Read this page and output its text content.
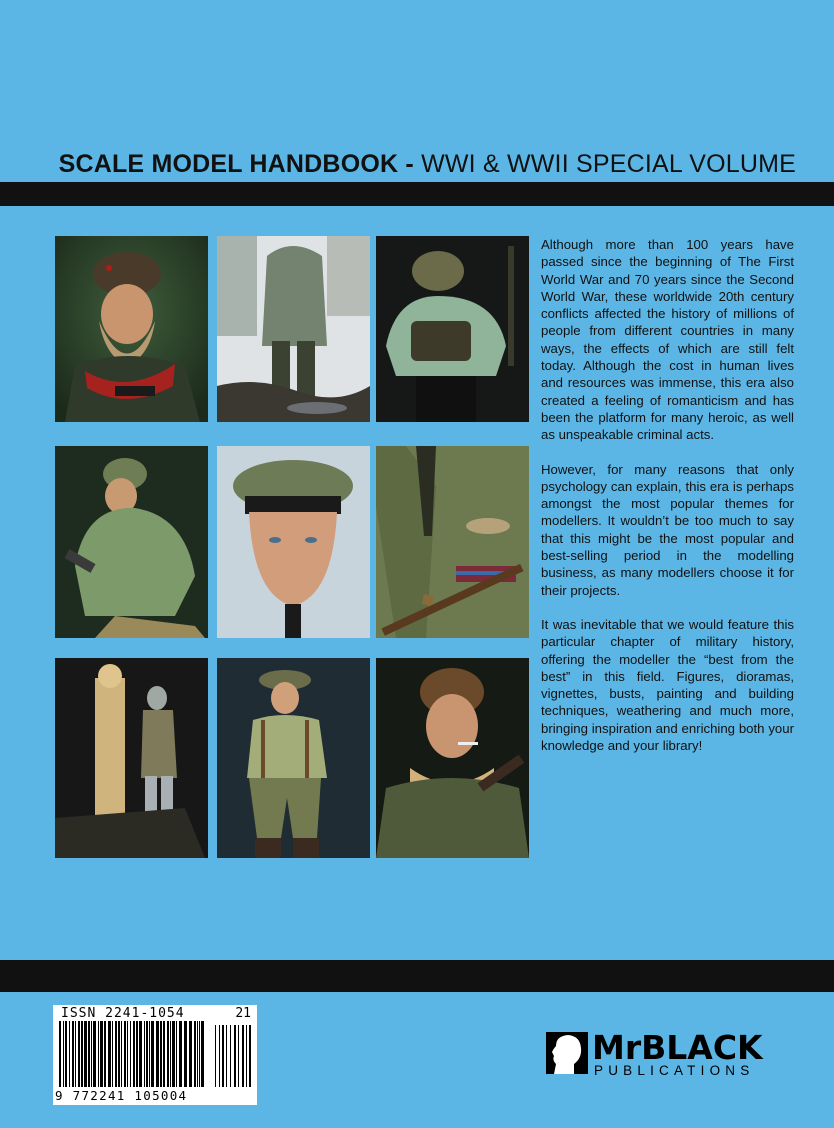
SCALE MODEL HANDBOOK - WWI & WWII SPECIAL VOLUME

Although more than 100 years have passed since the beginning of The First World War and 70 years since the Second World War, these worldwide 20th century conflicts affected the history of millions of people from different countries in many ways, the effects of which are still felt today. Although the cost in human lives and resources was immense, this era also created a feeling of romanticism and has been the platform for many heroic, as well as unspeakable criminal acts.

However, for many reasons that only psychology can explain, this era is perhaps amongst the most popular themes for modellers. It wouldn’t be too much to say that this might be the most popular and best-selling period in the modelling business, as many modellers choose it for their projects.

It was inevitable that we would feature this particular chapter of military history, offering the modeller the “best from the best” in this field. Figures, dioramas, vignettes, busts, painting and building techniques, weathering and much more, bringing inspiration and enriching both your knowledge and your library!

ISSN 2241-1054	21
9 772241 105004
MrBLACK
PUBLICATIONS
